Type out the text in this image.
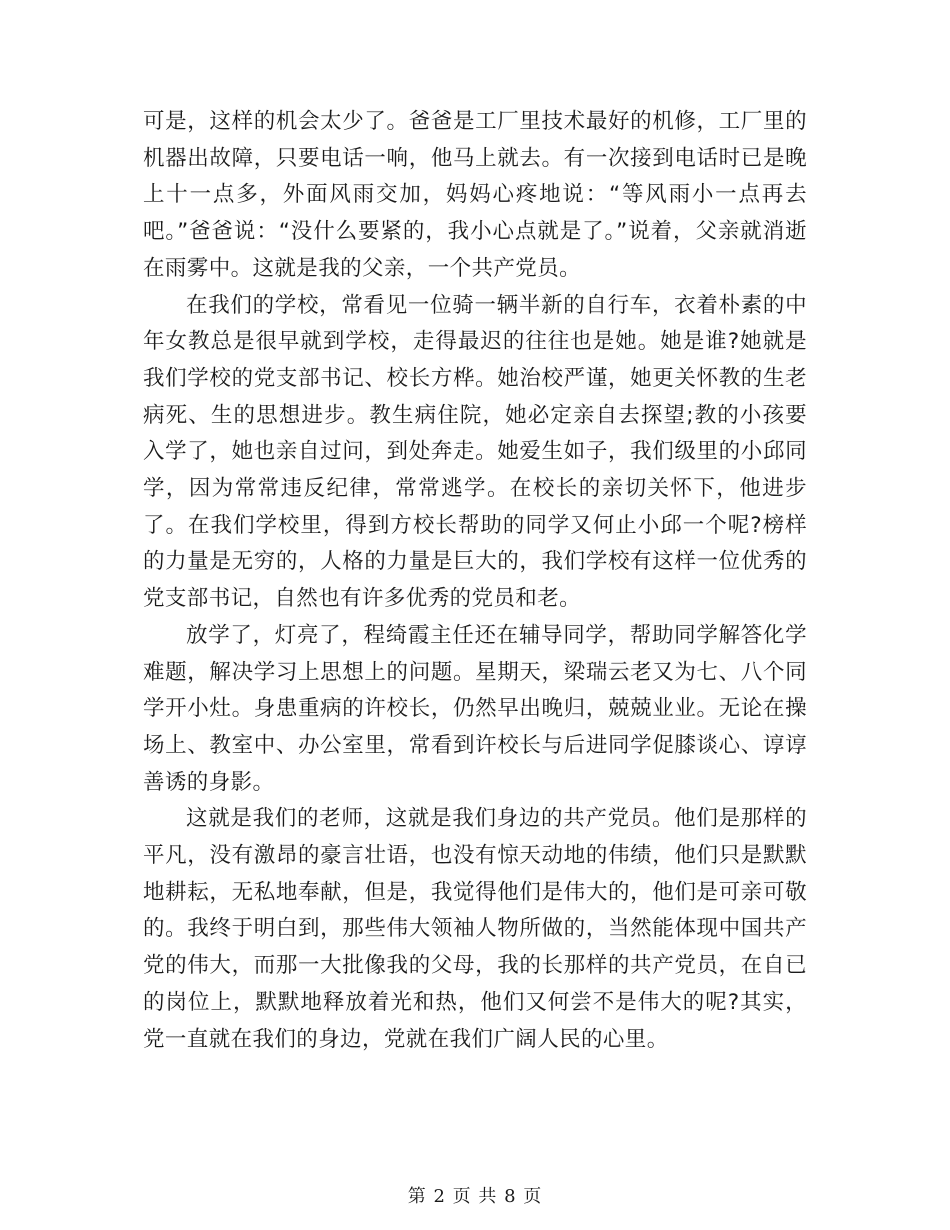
可是，这样的机会太少了。爸爸是工厂里技术最好的机修，工厂里的机器出故障，只要电话一响，他马上就去。有一次接到电话时已是晚上十一点多，外面风雨交加，妈妈心疼地说：“等风雨小一点再去吧。”爸爸说：“没什么要紧的，我小心点就是了。”说着，父亲就消逝在雨雾中。这就是我的父亲，一个共产党员。

在我们的学校，常看见一位骑一辆半新的自行车，衣着朴素的中年女教总是很早就到学校，走得最迟的往往也是她。她是谁?她就是我们学校的党支部书记、校长方桦。她治校严谨，她更关怀教的生老病死、生的思想进步。教生病住院，她必定亲自去探望;教的小孩要入学了，她也亲自过问，到处奔走。她爱生如子，我们级里的小邱同学，因为常常违反纪律，常常逃学。在校长的亲切关怀下，他进步了。在我们学校里，得到方校长帮助的同学又何止小邱一个呢?榜样的力量是无穷的，人格的力量是巨大的，我们学校有这样一位优秀的党支部书记，自然也有许多优秀的党员和老。

放学了，灯亮了，程绮霞主任还在辅导同学，帮助同学解答化学难题，解决学习上思想上的问题。星期天，梁瑞云老又为七、八个同学开小灶。身患重病的许校长，仍然早出晚归，兢兢业业。无论在操场上、教室中、办公室里，常看到许校长与后进同学促膝谈心、谆谆善诱的身影。

这就是我们的老师，这就是我们身边的共产党员。他们是那样的平凡，没有激昂的豪言壮语，也没有惊天动地的伟绩，他们只是默默地耕耘，无私地奉献，但是，我觉得他们是伟大的，他们是可亲可敬的。我终于明白到，那些伟大领袖人物所做的，当然能体现中国共产党的伟大，而那一大批像我的父母，我的长那样的共产党员，在自已的岗位上，默默地释放着光和热，他们又何尝不是伟大的呢?其实，党一直就在我们的身边，党就在我们广阔人民的心里。

第 2 页 共 8 页
